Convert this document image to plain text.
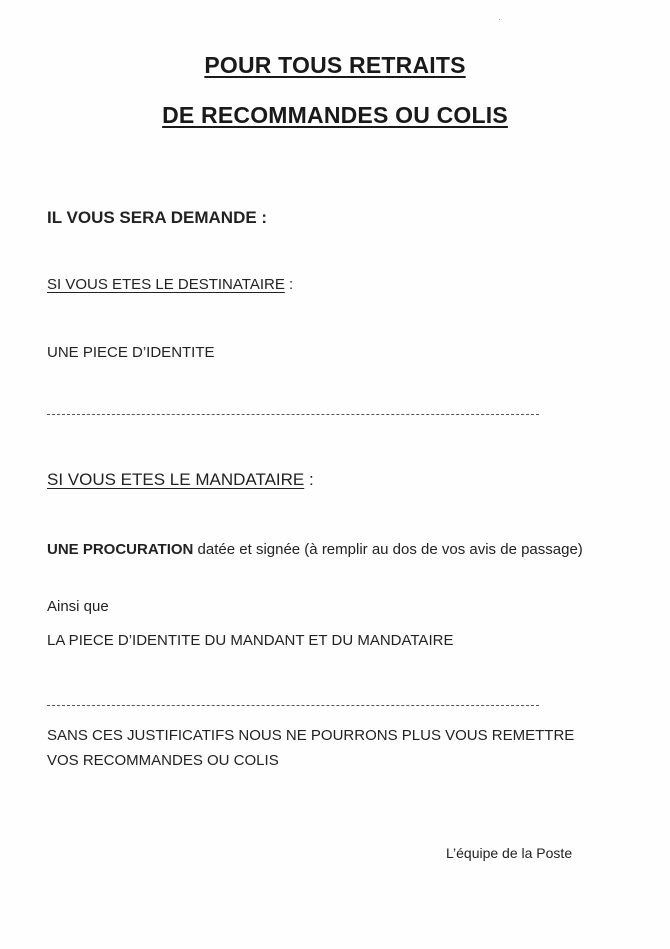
POUR TOUS RETRAITS
DE RECOMMANDES OU COLIS
IL VOUS SERA DEMANDE :
SI VOUS ETES LE DESTINATAIRE :
UNE PIECE D’IDENTITE
SI VOUS ETES LE MANDATAIRE :
UNE PROCURATION datée et signée (à remplir au dos de vos avis de passage)
Ainsi que
LA PIECE D’IDENTITE DU MANDANT ET DU MANDATAIRE
SANS CES JUSTIFICATIFS NOUS NE POURRONS PLUS VOUS REMETTRE
VOS RECOMMANDES OU COLIS
L’équipe de la Poste
